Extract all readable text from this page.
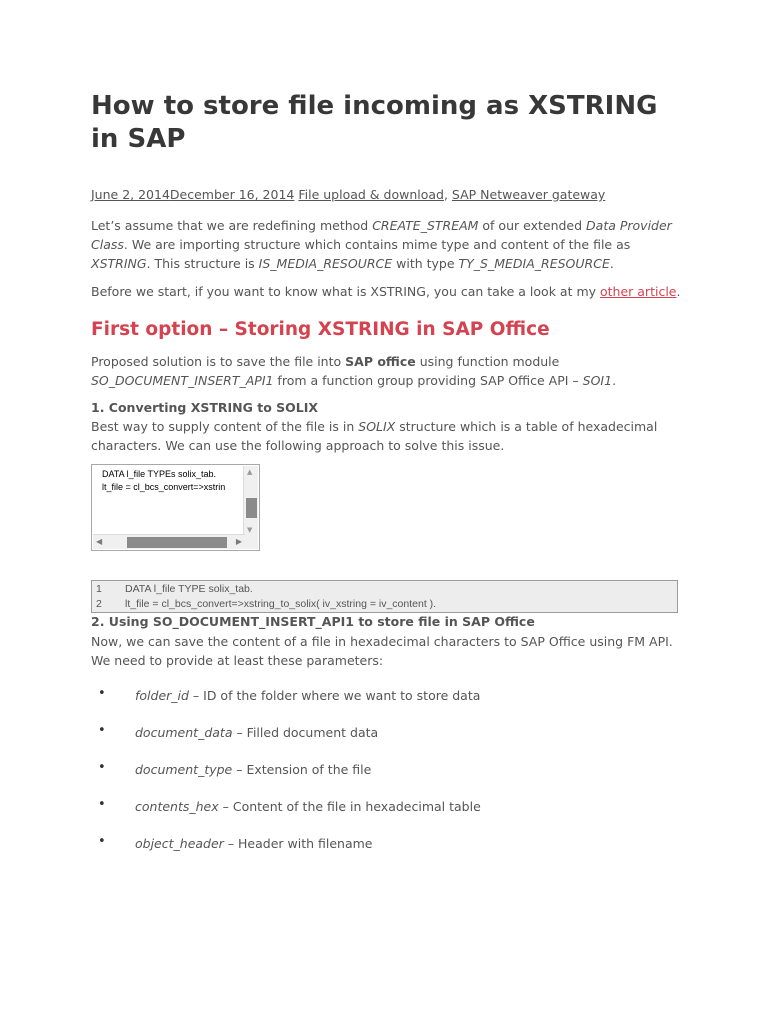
How to store file incoming as XSTRING in SAP
June 2, 2014December 16, 2014 File upload & download, SAP Netweaver gateway

Let’s assume that we are redefining method CREATE_STREAM of our extended Data Provider Class. We are importing structure which contains mime type and content of the file as XSTRING. This structure is IS_MEDIA_RESOURCE with type TY_S_MEDIA_RESOURCE.

Before we start, if you want to know what is XSTRING, you can take a look at my other article.

First option – Storing XSTRING in SAP Office

Proposed solution is to save the file into SAP office using function module
SO_DOCUMENT_INSERT_API1 from a function group providing SAP Office API – SOI1.

1. Converting XSTRING to SOLIX

Best way to supply content of the file is in SOLIX structure which is a table of hexadecimal characters. We can use the following approach to solve this issue.

DATA l_file TYPEs solix_tab.
lt_file = cl_bcs_convert=>xstrin
▲
▼
◀	▶
1 DATA l_file TYPE solix_tab.
2 lt_file = cl_bcs_convert=>xstring_to_solix( iv_xstring = iv_content ).
2. Using SO_DOCUMENT_INSERT_API1 to store file in SAP Office

Now, we can save the content of a file in hexadecimal characters to SAP Office using FM API. We need to provide at least these parameters:

• folder_id – ID of the folder where we want to store data
• document_data – Filled document data
• document_type – Extension of the file
• contents_hex – Content of the file in hexadecimal table
• object_header – Header with filename
